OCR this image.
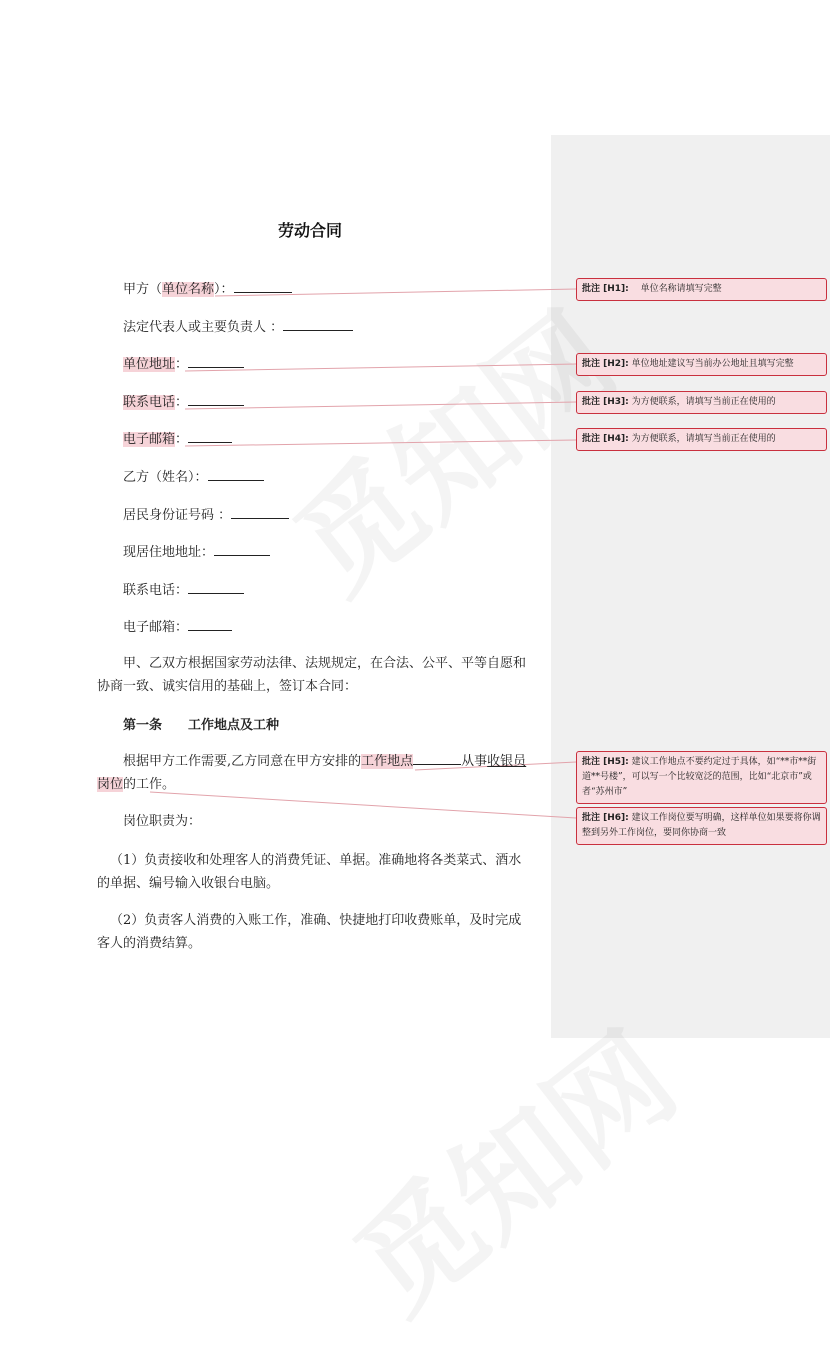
劳动合同
甲方（单位名称）：
法定代表人或主要负责人 ：
单位地址：
联系电话：
电子邮箱：
乙方（姓名）：
居民身份证号码 ：
现居住地地址：
联系电话：
电子邮箱：
甲、乙双方根据国家劳动法律、法规规定，在合法、公平、平等自愿和协商一致、诚实信用的基础上，签订本合同：
第一条　　工作地点及工种
根据甲方工作需要,乙方同意在甲方安排的工作地点	从事收银员岗位的工作。
岗位职责为：
（1）负责接收和处理客人的消费凭证、单据。准确地将各类菜式、酒水的单据、编号输入收银台电脑。
（2）负责客人消费的入账工作，准确、快捷地打印收费账单，及时完成客人的消费结算。
批注 [H1]: 　单位名称请填写完整
批注 [H2]: 单位地址建议写当前办公地址且填写完整
批注 [H3]: 为方便联系，请填写当前正在使用的
批注 [H4]: 为方便联系，请填写当前正在使用的
批注 [H5]: 建议工作地点不要约定过于具体，如“**市**街道**号楼”，可以写一个比较宽泛的范围，比如“北京市”或者“苏州市”
批注 [H6]: 建议工作岗位要写明确，这样单位如果要将你调整到另外工作岗位，要同你协商一致
